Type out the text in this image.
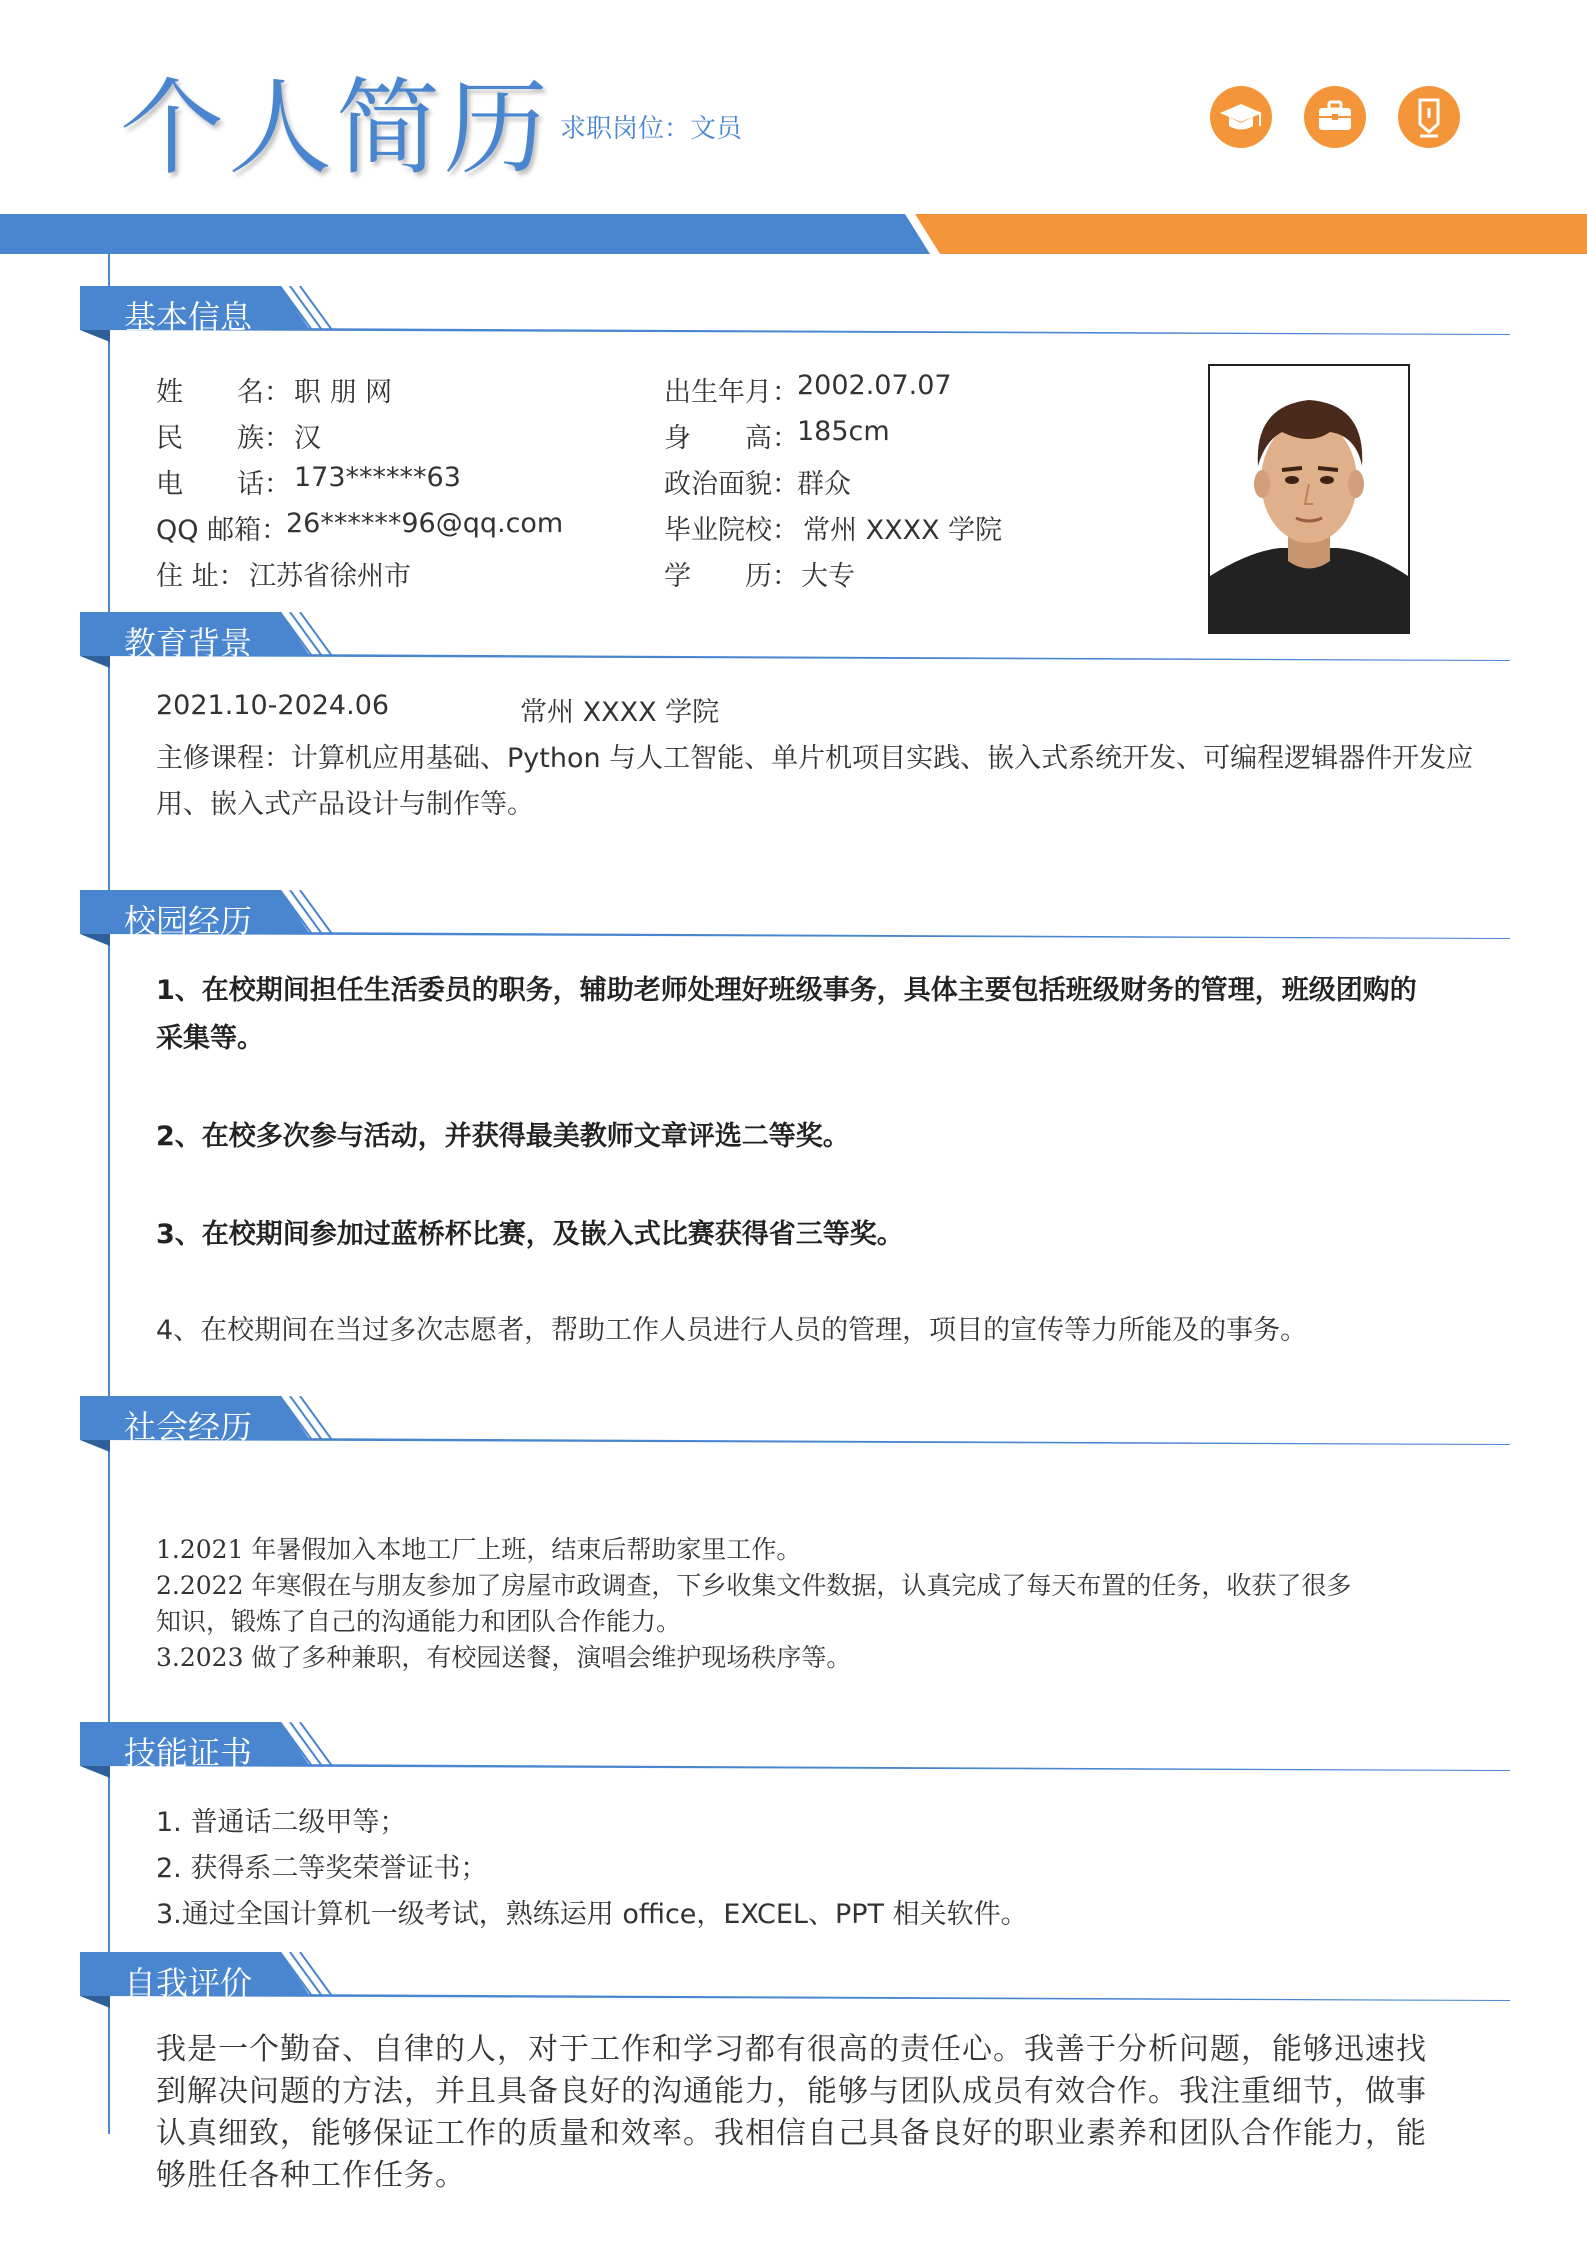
个人简历 求职岗位：文员
基本信息
姓　　名： 职 朋 网
民　　族： 汉
电　　话： 173******63
QQ 邮箱：
26******96@qq.com
住 址： 江苏省徐州市
出生年月：
2002.07.07
身　　高：
185cm
政治面貌：
群众
毕业院校： 常州 XXXX 学院
学　　历： 大专
教育背景
2021.10-2024.06	常州 XXXX 学院
主修课程：计算机应用基础、Python 与人工智能、单片机项目实践、嵌入式系统开发、可编程逻辑器件开发应
用、嵌入式产品设计与制作等。
校园经历
1、在校期间担任生活委员的职务，辅助老师处理好班级事务，具体主要包括班级财务的管理，班级团购的
采集等。
2、在校多次参与活动，并获得最美教师文章评选二等奖。
3、在校期间参加过蓝桥杯比赛，及嵌入式比赛获得省三等奖。
4、在校期间在当过多次志愿者，帮助工作人员进行人员的管理，项目的宣传等力所能及的事务。
社会经历
1.2021 年暑假加入本地工厂上班，结束后帮助家里工作。
2.2022 年寒假在与朋友参加了房屋市政调查，下乡收集文件数据，认真完成了每天布置的任务，收获了很多
知识，锻炼了自己的沟通能力和团队合作能力。
3.2023 做了多种兼职，有校园送餐，演唱会维护现场秩序等。
技能证书
1. 普通话二级甲等；
2. 获得系二等奖荣誉证书；
3.通过全国计算机一级考试，熟练运用 office，EXCEL、PPT 相关软件。
自我评价
我是一个勤奋、自律的人，对于工作和学习都有很高的责任心。我善于分析问题，能够迅速找
到解决问题的方法，并且具备良好的沟通能力，能够与团队成员有效合作。我注重细节，做事
认真细致，能够保证工作的质量和效率。我相信自己具备良好的职业素养和团队合作能力，能
够胜任各种工作任务。
